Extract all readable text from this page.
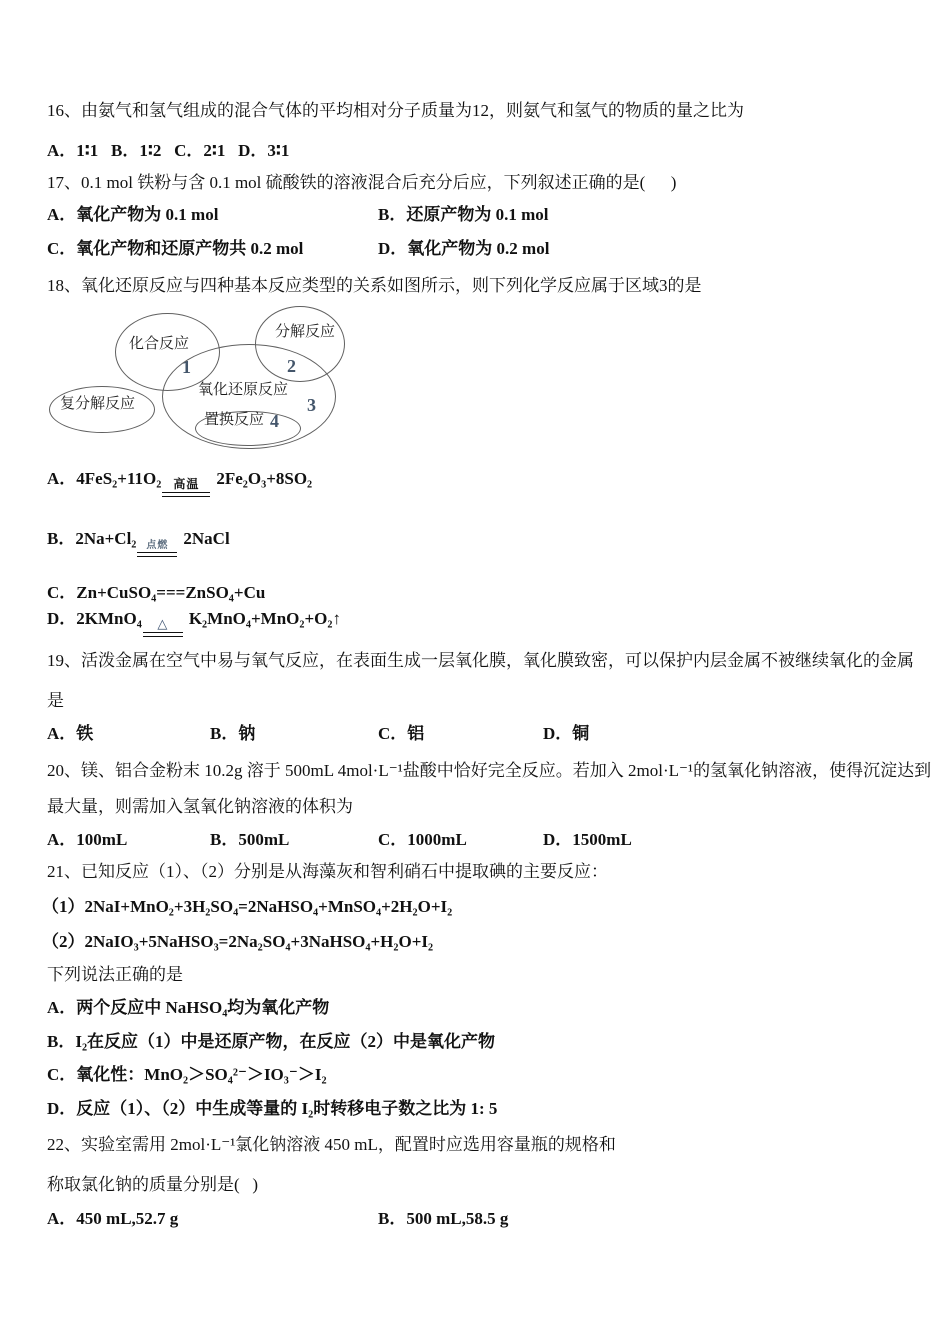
16、由氨气和氢气组成的混合气体的平均相对分子质量为12，则氨气和氢气的物质的量之比为
A．1∶1   B．1∶2   C．2∶1   D．3∶1
17、0.1 mol 铁粉与含 0.1 mol 硫酸铁的溶液混合后充分后应，下列叙述正确的是(      )
A．氧化产物为 0.1 mol	B．还原产物为 0.1 mol
C．氧化产物和还原产物共 0.2 mol	D．氧化产物为 0.2 mol
18、氧化还原反应与四种基本反应类型的关系如图所示，则下列化学反应属于区域3的是
化合反应
分解反应
氧化还原反应
置换反应
复分解反应
1	2
3
4
A．4FeS₂+11O₂ 高温 2Fe₂O₃+8SO₂
B．2Na+Cl₂ 点燃 2NaCl
C．Zn+CuSO₄===ZnSO₄+Cu
D．2KMnO₄ △ K₂MnO₄+MnO₂+O₂↑
19、活泼金属在空气中易与氧气反应，在表面生成一层氧化膜，氧化膜致密，可以保护内层金属不被继续氧化的金属
是
A．铁	B．钠	C．铝	D．铜
20、镁、铝合金粉末 10.2g 溶于 500mL 4mol·L⁻¹盐酸中恰好完全反应。若加入 2mol·L⁻¹的氢氧化钠溶液，使得沉淀达到
最大量，则需加入氢氧化钠溶液的体积为
A．100mL	B．500mL	C．1000mL	D．1500mL
21、已知反应（1）、（2）分别是从海藻灰和智利硝石中提取碘的主要反应：
（1）2NaI+MnO₂+3H₂SO₄=2NaHSO₄+MnSO₄+2H₂O+I₂
（2）2NaIO₃+5NaHSO₃=2Na₂SO₄+3NaHSO₄+H₂O+I₂
下列说法正确的是
A．两个反应中 NaHSO₄均为氧化产物
B．I₂在反应（1）中是还原产物，在反应（2）中是氧化产物
C．氧化性：MnO₂＞SO₄²⁻＞IO₃⁻＞I₂
D．反应（1）、（2）中生成等量的 I₂时转移电子数之比为 1: 5
22、实验室需用 2mol·L⁻¹氯化钠溶液 450 mL，配置时应选用容量瓶的规格和
称取氯化钠的质量分别是(   )
A．450 mL,52.7 g	B．500 mL,58.5 g
